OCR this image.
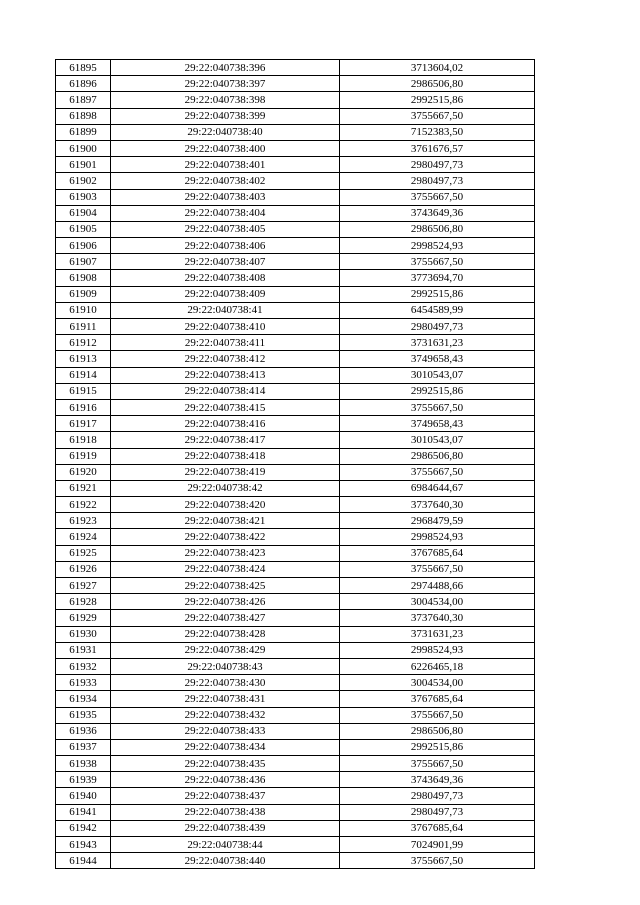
61895	29:22:040738:396	3713604,02
61896	29:22:040738:397	2986506,80
61897	29:22:040738:398	2992515,86
61898	29:22:040738:399	3755667,50
61899	29:22:040738:40	7152383,50
61900	29:22:040738:400	3761676,57
61901	29:22:040738:401	2980497,73
61902	29:22:040738:402	2980497,73
61903	29:22:040738:403	3755667,50
61904	29:22:040738:404	3743649,36
61905	29:22:040738:405	2986506,80
61906	29:22:040738:406	2998524,93
61907	29:22:040738:407	3755667,50
61908	29:22:040738:408	3773694,70
61909	29:22:040738:409	2992515,86
61910	29:22:040738:41	6454589,99
61911	29:22:040738:410	2980497,73
61912	29:22:040738:411	3731631,23
61913	29:22:040738:412	3749658,43
61914	29:22:040738:413	3010543,07
61915	29:22:040738:414	2992515,86
61916	29:22:040738:415	3755667,50
61917	29:22:040738:416	3749658,43
61918	29:22:040738:417	3010543,07
61919	29:22:040738:418	2986506,80
61920	29:22:040738:419	3755667,50
61921	29:22:040738:42	6984644,67
61922	29:22:040738:420	3737640,30
61923	29:22:040738:421	2968479,59
61924	29:22:040738:422	2998524,93
61925	29:22:040738:423	3767685,64
61926	29:22:040738:424	3755667,50
61927	29:22:040738:425	2974488,66
61928	29:22:040738:426	3004534,00
61929	29:22:040738:427	3737640,30
61930	29:22:040738:428	3731631,23
61931	29:22:040738:429	2998524,93
61932	29:22:040738:43	6226465,18
61933	29:22:040738:430	3004534,00
61934	29:22:040738:431	3767685,64
61935	29:22:040738:432	3755667,50
61936	29:22:040738:433	2986506,80
61937	29:22:040738:434	2992515,86
61938	29:22:040738:435	3755667,50
61939	29:22:040738:436	3743649,36
61940	29:22:040738:437	2980497,73
61941	29:22:040738:438	2980497,73
61942	29:22:040738:439	3767685,64
61943	29:22:040738:44	7024901,99
61944	29:22:040738:440	3755667,50
